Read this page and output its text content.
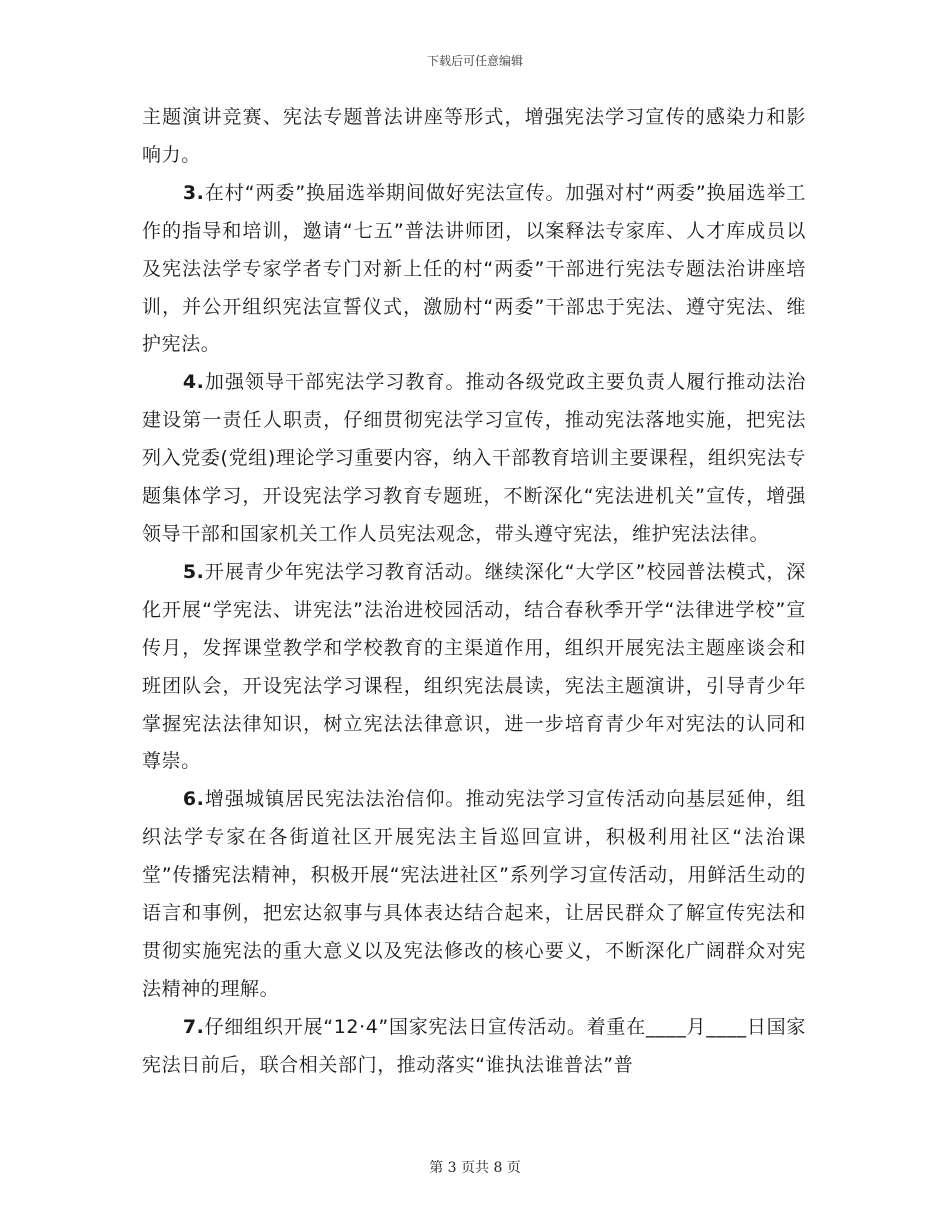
下载后可任意编辑

主题演讲竞赛、宪法专题普法讲座等形式，增强宪法学习宣传的感染力和影响力。

3.在村“两委”换届选举期间做好宪法宣传。加强对村“两委”换届选举工作的指导和培训，邀请“七五”普法讲师团，以案释法专家库、人才库成员以及宪法法学专家学者专门对新上任的村“两委”干部进行宪法专题法治讲座培训，并公开组织宪法宣誓仪式，激励村“两委”干部忠于宪法、遵守宪法、维护宪法。

4.加强领导干部宪法学习教育。推动各级党政主要负责人履行推动法治建设第一责任人职责，仔细贯彻宪法学习宣传，推动宪法落地实施，把宪法列入党委(党组)理论学习重要内容，纳入干部教育培训主要课程，组织宪法专题集体学习，开设宪法学习教育专题班，不断深化“宪法进机关”宣传，增强领导干部和国家机关工作人员宪法观念，带头遵守宪法，维护宪法法律。

5.开展青少年宪法学习教育活动。继续深化“大学区”校园普法模式，深化开展“学宪法、讲宪法”法治进校园活动，结合春秋季开学“法律进学校”宣传月，发挥课堂教学和学校教育的主渠道作用，组织开展宪法主题座谈会和班团队会，开设宪法学习课程，组织宪法晨读，宪法主题演讲，引导青少年掌握宪法法律知识，树立宪法法律意识，进一步培育青少年对宪法的认同和尊崇。

6.增强城镇居民宪法法治信仰。推动宪法学习宣传活动向基层延伸，组织法学专家在各街道社区开展宪法主旨巡回宣讲，积极利用社区“法治课堂”传播宪法精神，积极开展“宪法进社区”系列学习宣传活动，用鲜活生动的语言和事例，把宏达叙事与具体表达结合起来，让居民群众了解宣传宪法和贯彻实施宪法的重大意义以及宪法修改的核心要义，不断深化广阔群众对宪法精神的理解。

7.仔细组织开展“12·4”国家宪法日宣传活动。着重在____月____日国家宪法日前后，联合相关部门，推动落实“谁执法谁普法”普

第 3 页共 8 页
